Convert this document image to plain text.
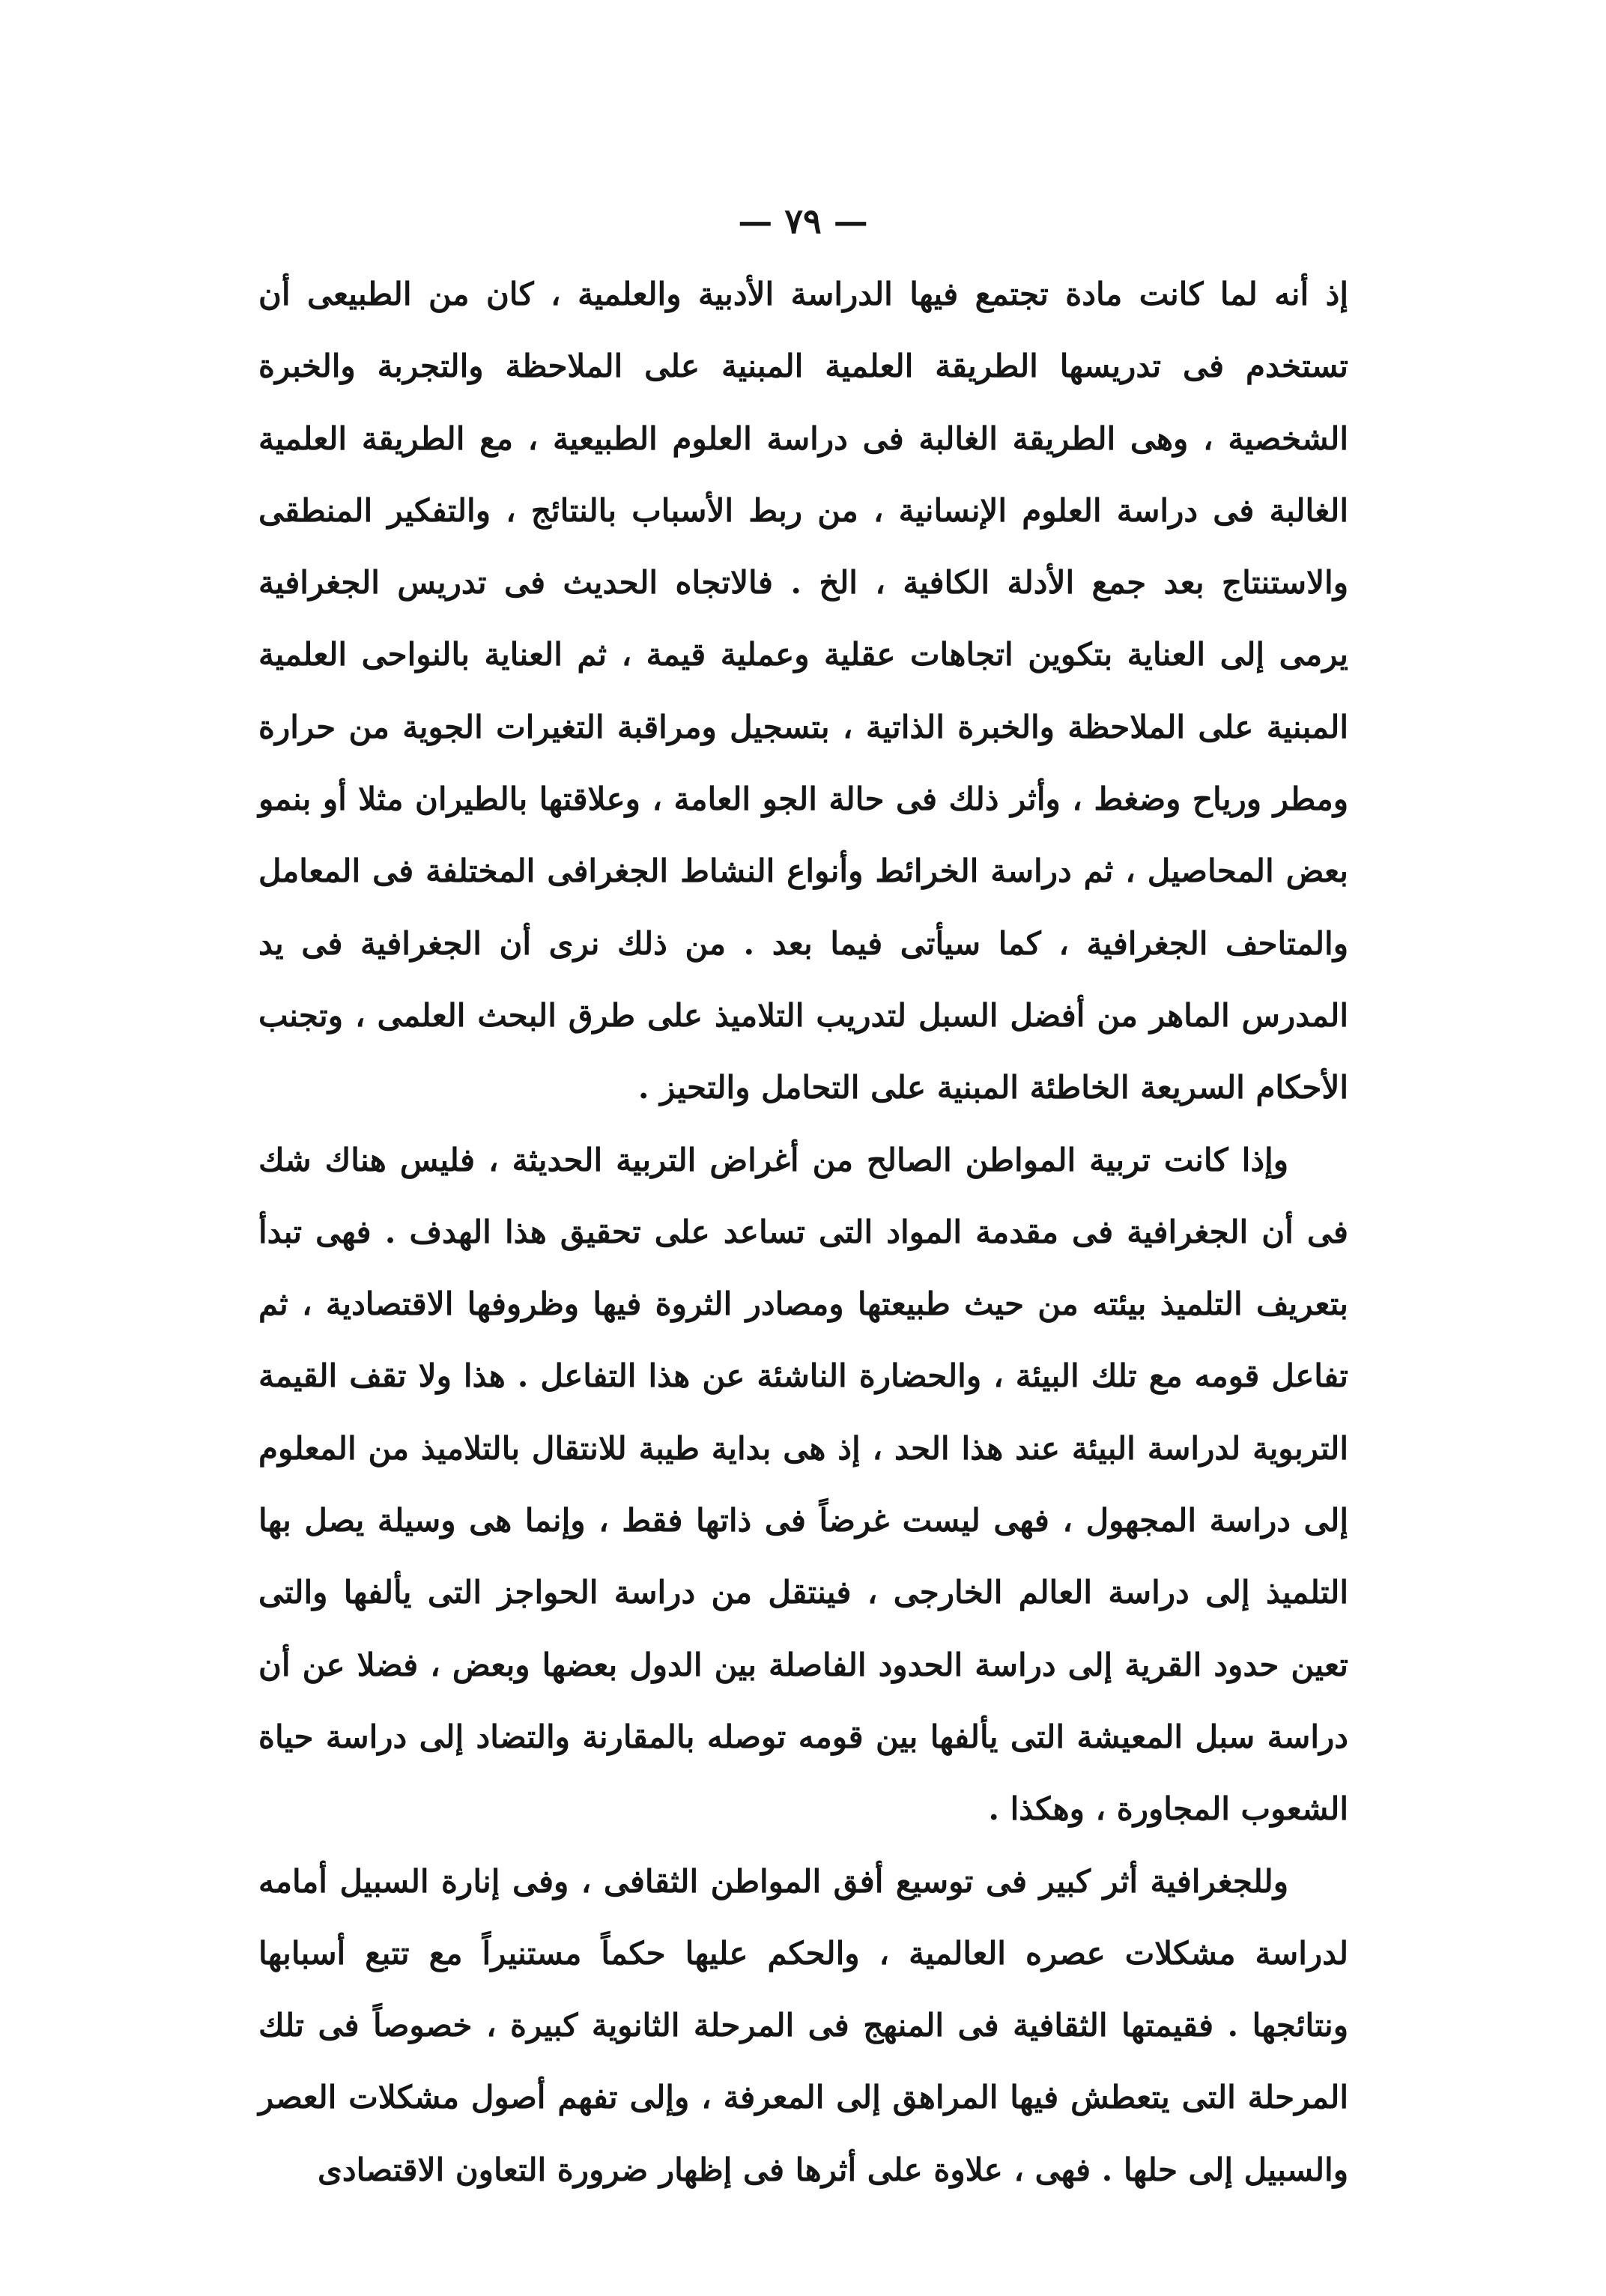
— ٧٩ —

إذ أنه لما كانت مادة تجتمع فيها الدراسة الأدبية والعلمية ، كان من الطبيعى أن تستخدم فى تدريسها الطريقة العلمية المبنية على الملاحظة والتجربة والخبرة الشخصية ، وهى الطريقة الغالبة فى دراسة العلوم الطبيعية ، مع الطريقة العلمية الغالبة فى دراسة العلوم الإنسانية ، من ربط الأسباب بالنتائج ، والتفكير المنطقى والاستنتاج بعد جمع الأدلة الكافية ، الخ . فالاتجاه الحديث فى تدريس الجغرافية يرمى إلى العناية بتكوين اتجاهات عقلية وعملية قيمة ، ثم العناية بالنواحى العلمية المبنية على الملاحظة والخبرة الذاتية ، بتسجيل ومراقبة التغيرات الجوية من حرارة ومطر ورياح وضغط ، وأثر ذلك فى حالة الجو العامة ، وعلاقتها بالطيران مثلا أو بنمو بعض المحاصيل ، ثم دراسة الخرائط وأنواع النشاط الجغرافى المختلفة فى المعامل والمتاحف الجغرافية ، كما سيأتى فيما بعد . من ذلك نرى أن الجغرافية فى يد المدرس الماهر من أفضل السبل لتدريب التلاميذ على طرق البحث العلمى ، وتجنب الأحكام السريعة الخاطئة المبنية على التحامل والتحيز .

وإذا كانت تربية المواطن الصالح من أغراض التربية الحديثة ، فليس هناك شك فى أن الجغرافية فى مقدمة المواد التى تساعد على تحقيق هذا الهدف . فهى تبدأ بتعريف التلميذ بيئته من حيث طبيعتها ومصادر الثروة فيها وظروفها الاقتصادية ، ثم تفاعل قومه مع تلك البيئة ، والحضارة الناشئة عن هذا التفاعل . هذا ولا تقف القيمة التربوية لدراسة البيئة عند هذا الحد ، إذ هى بداية طيبة للانتقال بالتلاميذ من المعلوم إلى دراسة المجهول ، فهى ليست غرضاً فى ذاتها فقط ، وإنما هى وسيلة يصل بها التلميذ إلى دراسة العالم الخارجى ، فينتقل من دراسة الحواجز التى يألفها والتى تعين حدود القرية إلى دراسة الحدود الفاصلة بين الدول بعضها وبعض ، فضلا عن أن دراسة سبل المعيشة التى يألفها بين قومه توصله بالمقارنة والتضاد إلى دراسة حياة الشعوب المجاورة ، وهكذا .

وللجغرافية أثر كبير فى توسيع أفق المواطن الثقافى ، وفى إنارة السبيل أمامه لدراسة مشكلات عصره العالمية ، والحكم عليها حكماً مستنيراً مع تتبع أسبابها ونتائجها . فقيمتها الثقافية فى المنهج فى المرحلة الثانوية كبيرة ، خصوصاً فى تلك المرحلة التى يتعطش فيها المراهق إلى المعرفة ، وإلى تفهم أصول مشكلات العصر والسبيل إلى حلها . فهى ، علاوة على أثرها فى إظهار ضرورة التعاون الاقتصادى
